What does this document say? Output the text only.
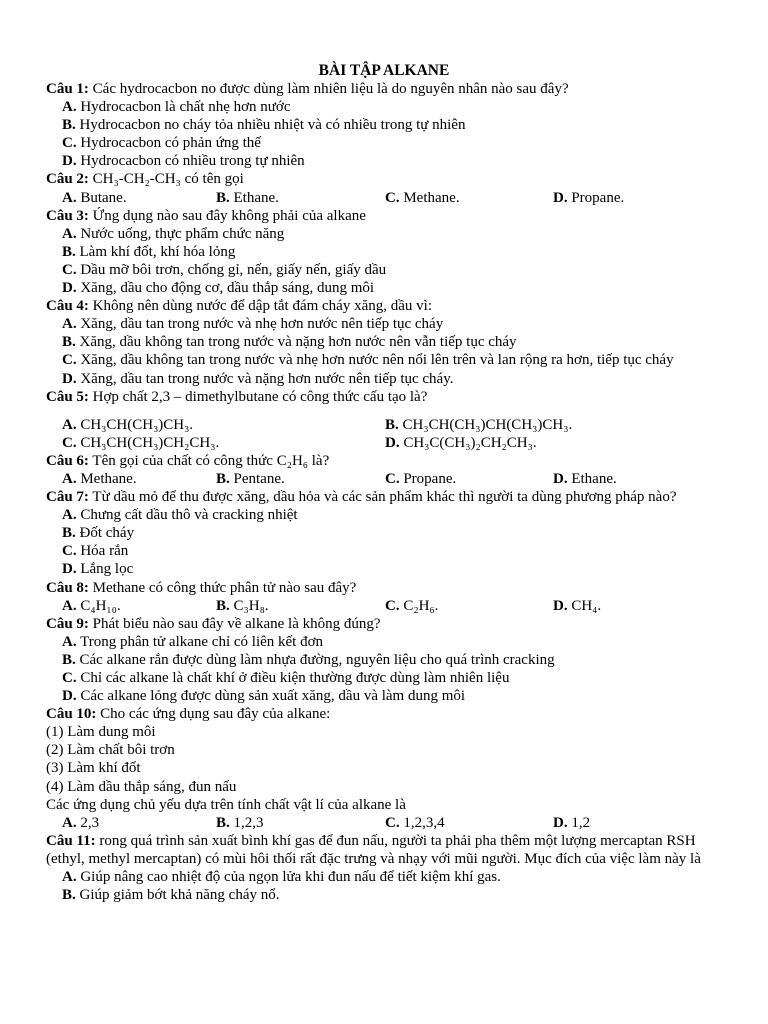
BÀI TẬP ALKANE
Câu 1: Các hydrocacbon no được dùng làm nhiên liệu là do nguyên nhân nào sau đây?
A. Hydrocacbon là chất nhẹ hơn nước
B. Hydrocacbon no cháy tỏa nhiều nhiệt và có nhiều trong tự nhiên
C. Hydrocacbon có phản ứng thế
D. Hydrocacbon có nhiều trong tự nhiên
Câu 2: CH₃-CH₂-CH₃ có tên gọi
A. Butane.	B. Ethane.	C. Methane.	D. Propane.
Câu 3: Ứng dụng nào sau đây không phải của alkane
A. Nước uống, thực phẩm chức năng
B. Làm khí đốt, khí hóa lỏng
C. Dầu mỡ bôi trơn, chống gỉ, nến, giấy nến, giấy dầu
D. Xăng, dầu cho động cơ, dầu thắp sáng, dung môi
Câu 4: Không nên dùng nước để dập tắt đám cháy xăng, dầu vì:
A. Xăng, dầu tan trong nước và nhẹ hơn nước nên tiếp tục cháy
B. Xăng, dầu không tan trong nước và nặng hơn nước nên vẫn tiếp tục cháy
C. Xăng, dầu không tan trong nước và nhẹ hơn nước nên nổi lên trên và lan rộng ra hơn, tiếp tục cháy
D. Xăng, dầu tan trong nước và nặng hơn nước nên tiếp tục cháy.
Câu 5: Hợp chất 2,3 – dimethylbutane có công thức cấu tạo là?
A. CH₃CH(CH₃)CH₃.	B. CH₃CH(CH₃)CH(CH₃)CH₃.
C. CH₃CH(CH₃)CH₂CH₃.	D. CH₃C(CH₃)₂CH₂CH₃.
Câu 6: Tên gọi của chất có công thức C₂H₆ là?
A. Methane.	B. Pentane.	C. Propane.	D. Ethane.
Câu 7: Từ dầu mỏ để thu được xăng, dầu hỏa và các sản phẩm khác thì người ta dùng phương pháp nào?
A. Chưng cất dầu thô và cracking nhiệt
B. Đốt cháy
C. Hóa rắn
D. Lắng lọc
Câu 8: Methane có công thức phân tử nào sau đây?
A. C₄H₁₀.	B. C₃H₈.	C. C₂H₆.	D. CH₄.
Câu 9: Phát biểu nào sau đây về alkane là không đúng?
A. Trong phân tử alkane chỉ có liên kết đơn
B. Các alkane rắn được dùng làm nhựa đường, nguyên liệu cho quá trình cracking
C. Chỉ các alkane là chất khí ở điều kiện thường được dùng làm nhiên liệu
D. Các alkane lỏng được dùng sản xuất xăng, dầu và làm dung môi
Câu 10: Cho các ứng dụng sau đây của alkane:
(1) Làm dung môi
(2) Làm chất bôi trơn
(3) Làm khí đốt
(4) Làm dầu thắp sáng, đun nấu
Các ứng dụng chủ yếu dựa trên tính chất vật lí của alkane là
A. 2,3	B. 1,2,3	C. 1,2,3,4	D. 1,2
Câu 11: rong quá trình sản xuất bình khí gas để đun nấu, người ta phải pha thêm một lượng mercaptan RSH (ethyl, methyl mercaptan) có mùi hôi thối rất đặc trưng và nhạy với mũi người. Mục đích của việc làm này là
A. Giúp nâng cao nhiệt độ của ngọn lửa khi đun nấu để tiết kiệm khí gas.
B. Giúp giảm bớt khả năng cháy nổ.
